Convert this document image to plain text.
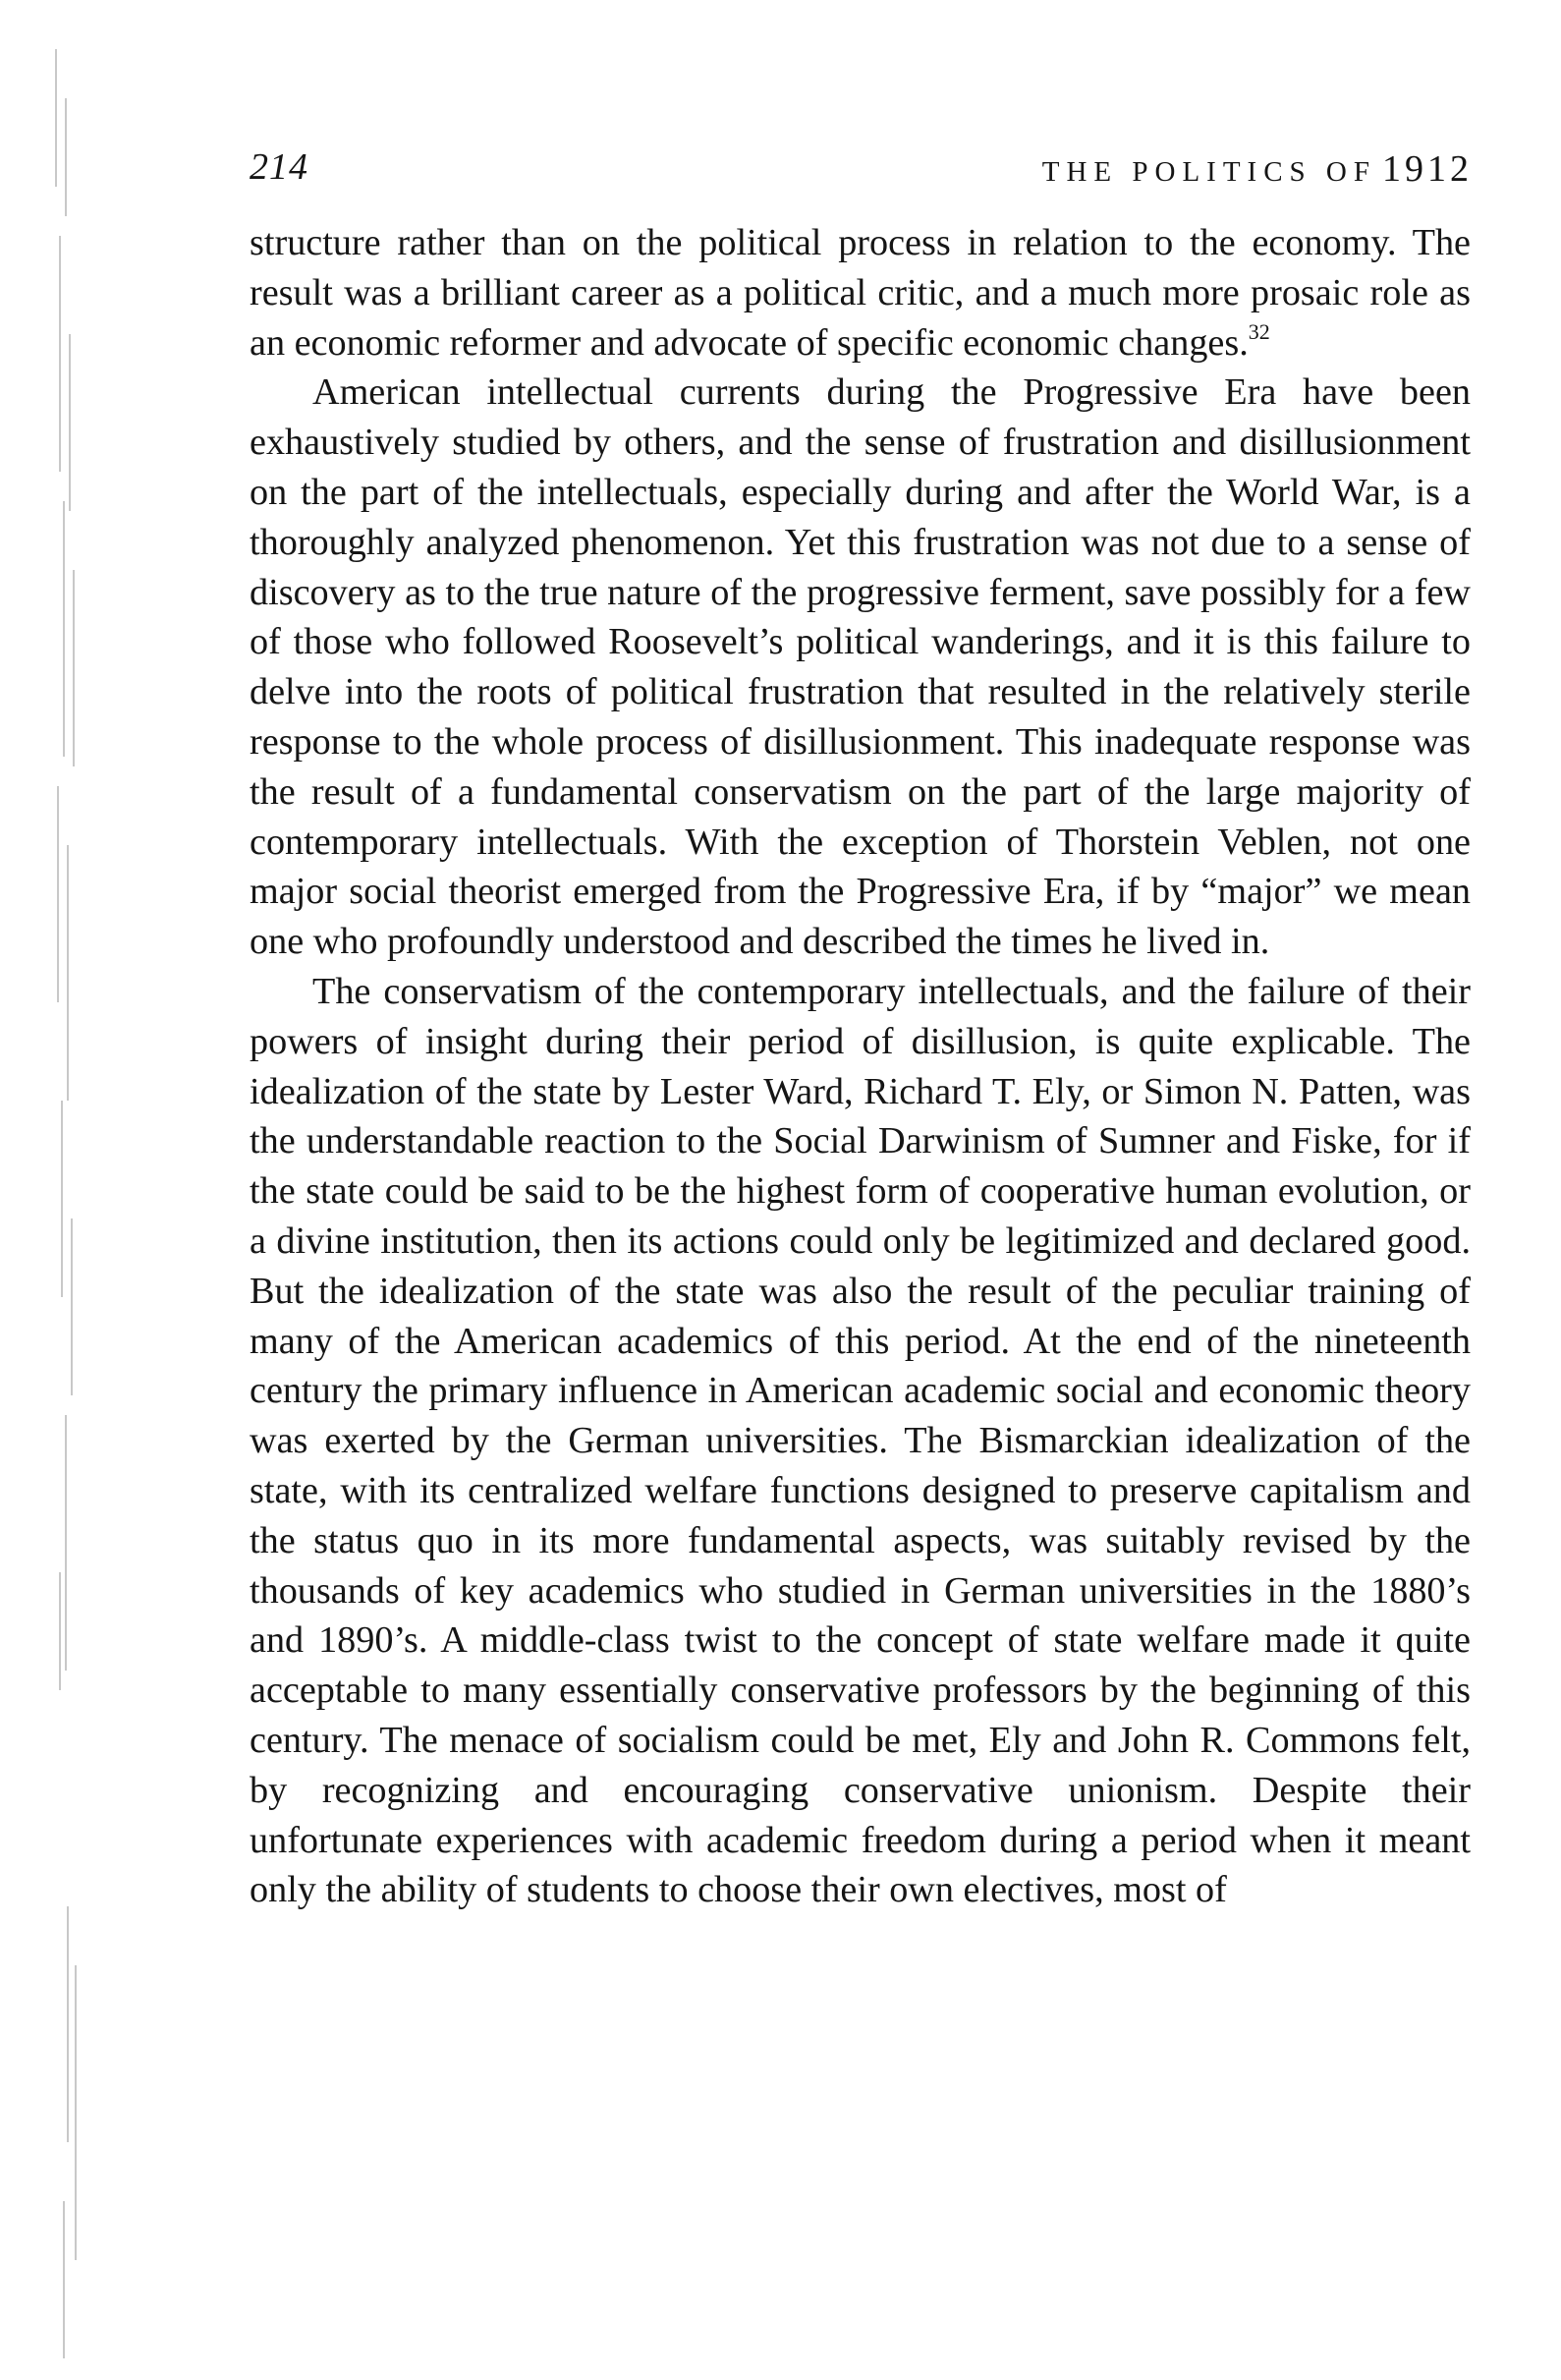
214	THE POLITICS OF 1912

structure rather than on the political process in relation to the economy. The result was a brilliant career as a political critic, and a much more prosaic role as an economic reformer and advocate of specific economic changes.$^{32}$

American intellectual currents during the Progressive Era have been exhaustively studied by others, and the sense of frustration and disillusionment on the part of the intellectuals, especially during and after the World War, is a thoroughly analyzed phenomenon. Yet this frustration was not due to a sense of discovery as to the true nature of the progressive ferment, save possibly for a few of those who followed Roosevelt’s political wanderings, and it is this failure to delve into the roots of political frustration that resulted in the relatively sterile response to the whole process of disillusionment. This inadequate response was the result of a fundamental conservatism on the part of the large majority of contemporary intellectuals. With the exception of Thorstein Veblen, not one major social theorist emerged from the Progressive Era, if by “major” we mean one who profoundly understood and described the times he lived in.

The conservatism of the contemporary intellectuals, and the failure of their powers of insight during their period of disillusion, is quite explicable. The idealization of the state by Lester Ward, Richard T. Ely, or Simon N. Patten, was the understandable reaction to the Social Darwinism of Sumner and Fiske, for if the state could be said to be the highest form of cooperative human evolution, or a divine institution, then its actions could only be legitimized and declared good. But the idealization of the state was also the result of the peculiar training of many of the American academics of this period. At the end of the nineteenth century the primary influence in American academic social and economic theory was exerted by the German universities. The Bismarckian idealization of the state, with its centralized welfare functions designed to preserve capitalism and the status quo in its more fundamental aspects, was suitably revised by the thousands of key academics who studied in German universities in the 1880’s and 1890’s. A middle-class twist to the concept of state welfare made it quite acceptable to many essentially conservative professors by the beginning of this century. The menace of socialism could be met, Ely and John R. Commons felt, by recognizing and encouraging conservative unionism. Despite their unfortunate experiences with academic freedom during a period when it meant only the ability of students to choose their own electives, most of
